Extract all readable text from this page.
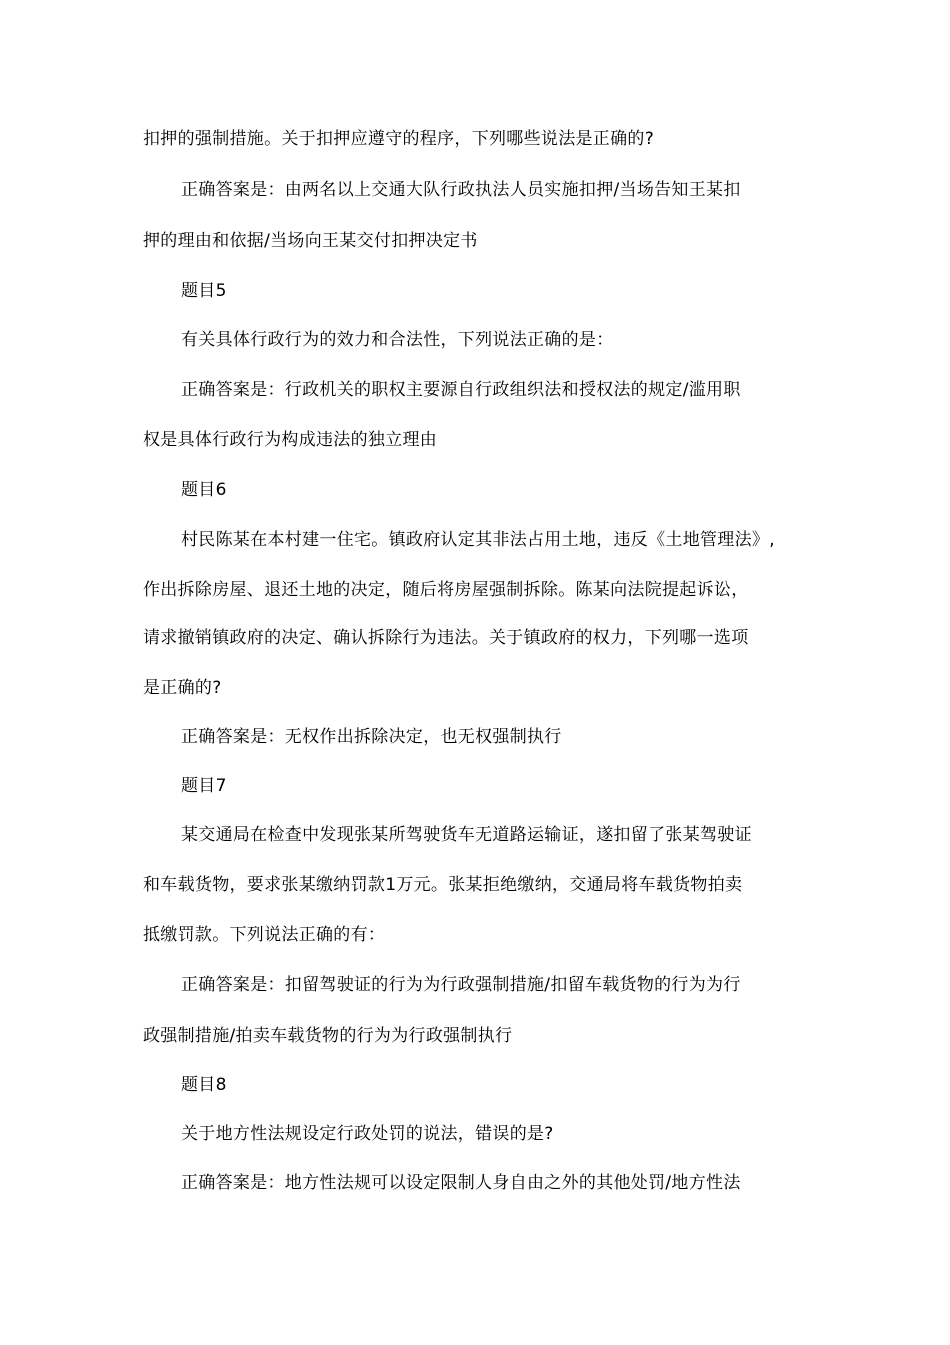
扣押的强制措施。关于扣押应遵守的程序，下列哪些说法是正确的?
正确答案是：由两名以上交通大队行政执法人员实施扣押/当场告知王某扣
押的理由和依据/当场向王某交付扣押决定书
题目5
有关具体行政行为的效力和合法性，下列说法正确的是：
正确答案是：行政机关的职权主要源自行政组织法和授权法的规定/滥用职
权是具体行政行为构成违法的独立理由
题目6
村民陈某在本村建一住宅。镇政府认定其非法占用土地，违反《土地管理法》,
作出拆除房屋、退还土地的决定，随后将房屋强制拆除。陈某向法院提起诉讼，
请求撤销镇政府的决定、确认拆除行为违法。关于镇政府的权力，下列哪一选项
是正确的?
正确答案是：无权作出拆除决定，也无权强制执行
题目7
某交通局在检查中发现张某所驾驶货车无道路运输证，遂扣留了张某驾驶证
和车载货物，要求张某缴纳罚款1万元。张某拒绝缴纳，交通局将车载货物拍卖
抵缴罚款。下列说法正确的有：
正确答案是：扣留驾驶证的行为为行政强制措施/扣留车载货物的行为为行
政强制措施/拍卖车载货物的行为为行政强制执行
题目8
关于地方性法规设定行政处罚的说法，错误的是?
正确答案是：地方性法规可以设定限制人身自由之外的其他处罚/地方性法
